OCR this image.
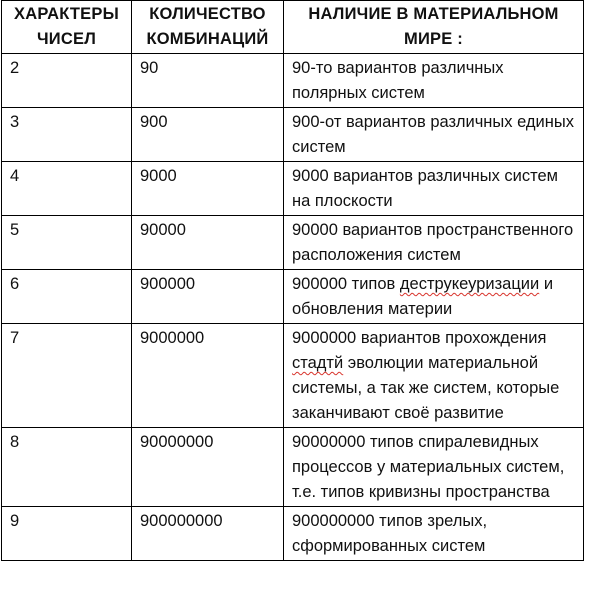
ХАРАКТЕРЫ ЧИСЕЛ	КОЛИЧЕСТВО КОМБИНАЦИЙ	НАЛИЧИЕ В МАТЕРИАЛЬНОМ МИРЕ :
2	90	90-то вариантов различных полярных систем
3	900	900-от вариантов различных единых систем
4	9000	9000 вариантов различных систем на плоскости
5	90000	90000 вариантов пространственного расположения систем
6	900000	900000 типов деструкеуризации и обновления материи
7	9000000	9000000 вариантов прохождения стадтй эволюции материальной системы, а так же систем, которые заканчивают своё развитие
8	90000000	90000000 типов спиралевидных процессов у материальных систем, т.е. типов кривизны пространства
9	900000000	900000000 типов зрелых, сформированных систем
